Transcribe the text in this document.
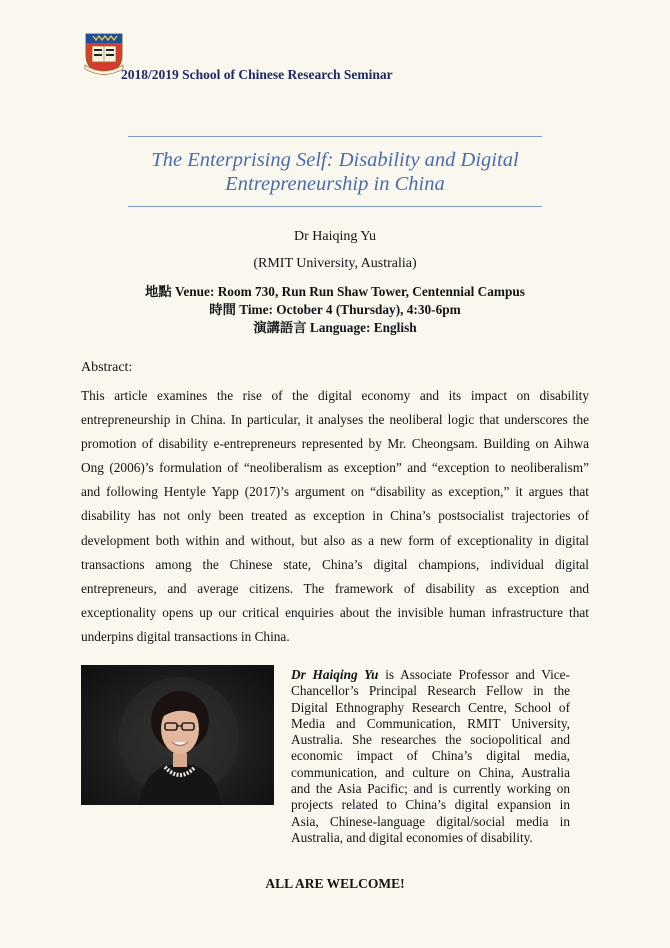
2018/2019 School of Chinese Research Seminar
The Enterprising Self: Disability and Digital
Entrepreneurship in China
Dr Haiqing Yu
(RMIT University, Australia)
地點 Venue: Room 730, Run Run Shaw Tower, Centennial Campus
時間 Time: October 4 (Thursday), 4:30-6pm
演講語言 Language: English
Abstract:
This article examines the rise of the digital economy and its impact on disability
entrepreneurship in China. In particular, it analyses the neoliberal logic that underscores the
promotion of disability e-entrepreneurs represented by Mr. Cheongsam. Building on Aihwa
Ong (2006)’s formulation of “neoliberalism as exception” and “exception to neoliberalism”
and following Hentyle Yapp (2017)’s argument on “disability as exception,” it argues that
disability has not only been treated as exception in China’s postsocialist trajectories of
development both within and without, but also as a new form of exceptionality in digital
transactions among the Chinese state, China’s digital champions, individual digital
entrepreneurs, and average citizens. The framework of disability as exception and
exceptionality opens up our critical enquiries about the invisible human infrastructure that
underpins digital transactions in China.
Dr Haiqing Yu is Associate Professor and Vice-
Chancellor’s Principal Research Fellow in the
Digital Ethnography Research Centre, School of
Media and Communication, RMIT University,
Australia. She researches the sociopolitical and
economic impact of China’s digital media,
communication, and culture on China, Australia
and the Asia Pacific; and is currently working on
projects related to China’s digital expansion in
Asia, Chinese-language digital/social media in
Australia, and digital economies of disability.
ALL ARE WELCOME!
